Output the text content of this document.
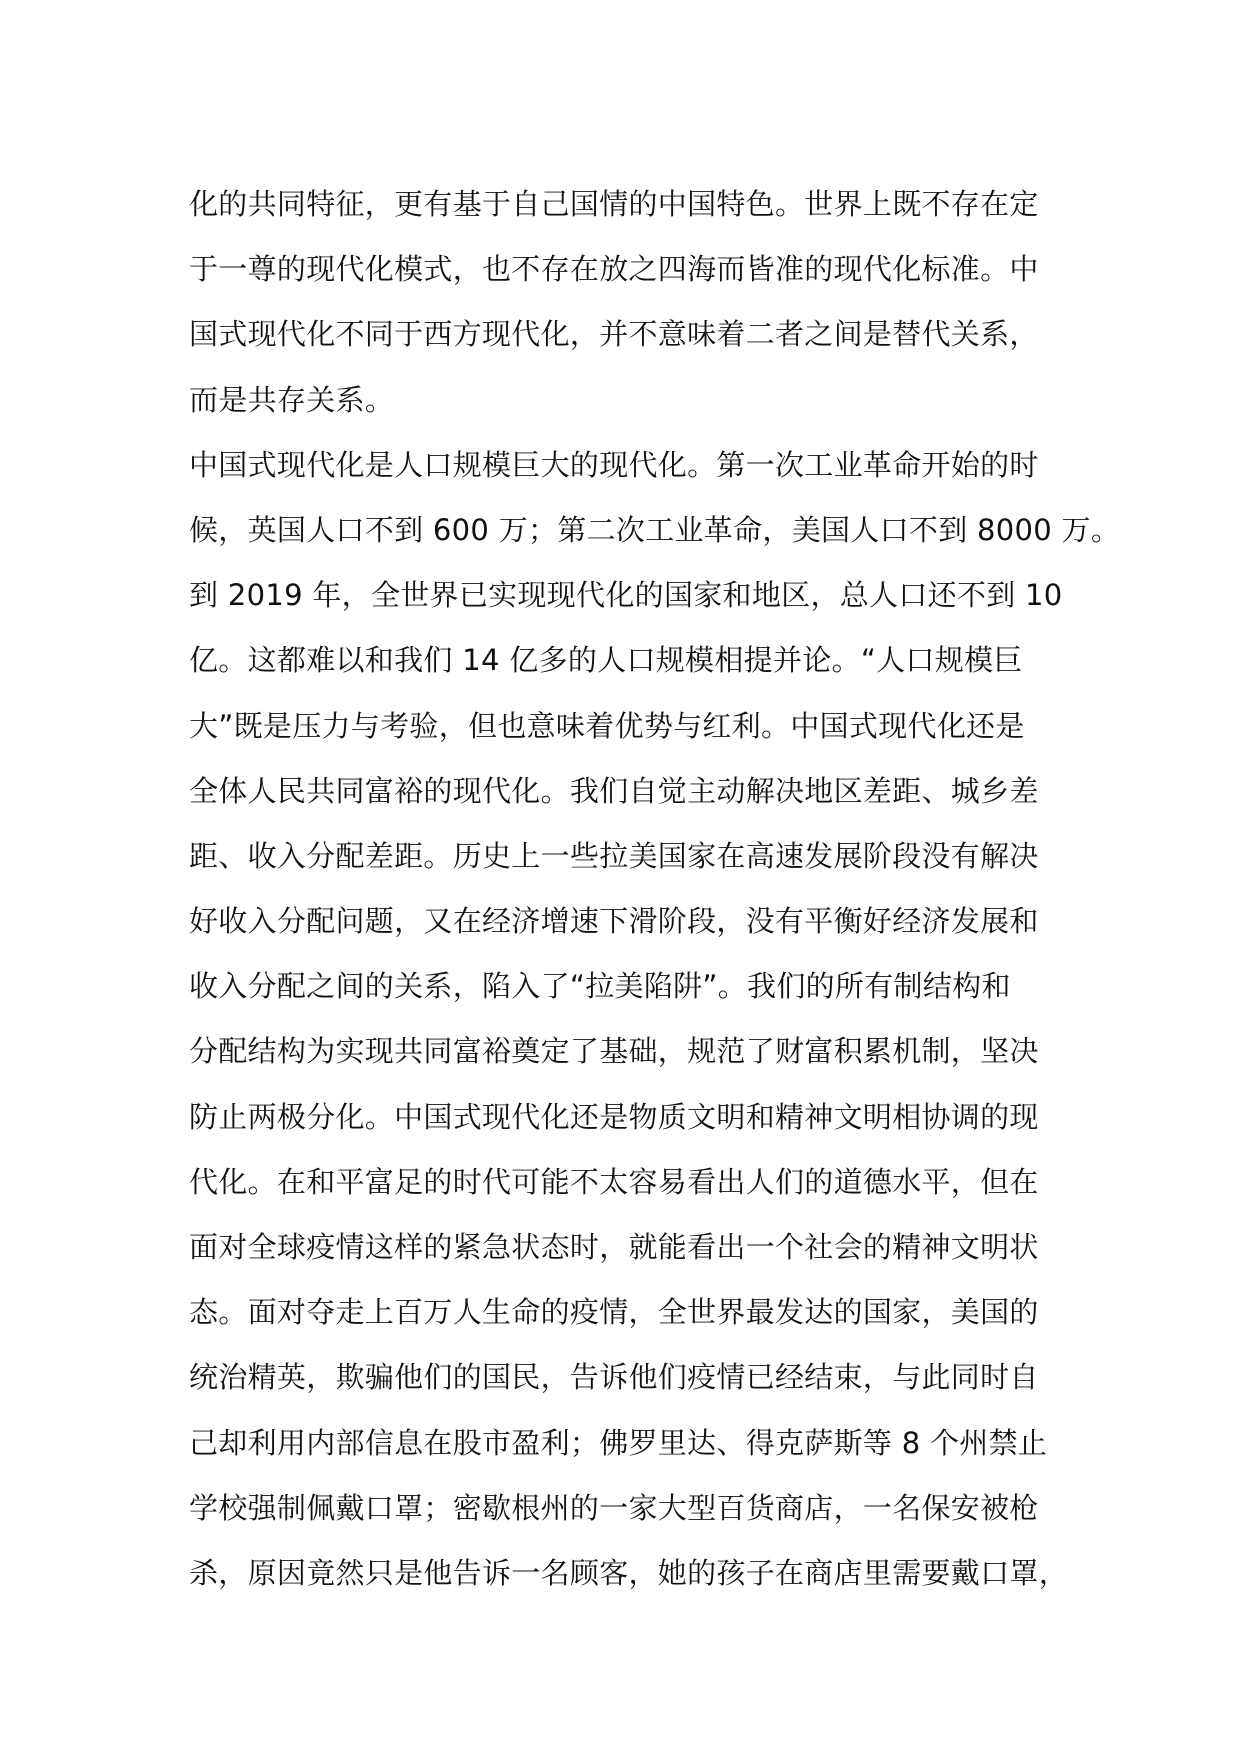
化的共同特征，更有基于自己国情的中国特色。世界上既不存在定
于一尊的现代化模式，也不存在放之四海而皆准的现代化标准。中
国式现代化不同于西方现代化，并不意味着二者之间是替代关系，
而是共存关系。
中国式现代化是人口规模巨大的现代化。第一次工业革命开始的时
候，英国人口不到 600 万；第二次工业革命，美国人口不到 8000 万。
到 2019 年，全世界已实现现代化的国家和地区，总人口还不到 10
亿。这都难以和我们 14 亿多的人口规模相提并论。“人口规模巨
大”既是压力与考验，但也意味着优势与红利。中国式现代化还是
全体人民共同富裕的现代化。我们自觉主动解决地区差距、城乡差
距、收入分配差距。历史上一些拉美国家在高速发展阶段没有解决
好收入分配问题，又在经济增速下滑阶段，没有平衡好经济发展和
收入分配之间的关系，陷入了“拉美陷阱”。我们的所有制结构和
分配结构为实现共同富裕奠定了基础，规范了财富积累机制，坚决
防止两极分化。中国式现代化还是物质文明和精神文明相协调的现
代化。在和平富足的时代可能不太容易看出人们的道德水平，但在
面对全球疫情这样的紧急状态时，就能看出一个社会的精神文明状
态。面对夺走上百万人生命的疫情，全世界最发达的国家，美国的
统治精英，欺骗他们的国民，告诉他们疫情已经结束，与此同时自
己却利用内部信息在股市盈利；佛罗里达、得克萨斯等 8 个州禁止
学校强制佩戴口罩；密歇根州的一家大型百货商店，一名保安被枪
杀，原因竟然只是他告诉一名顾客，她的孩子在商店里需要戴口罩，
